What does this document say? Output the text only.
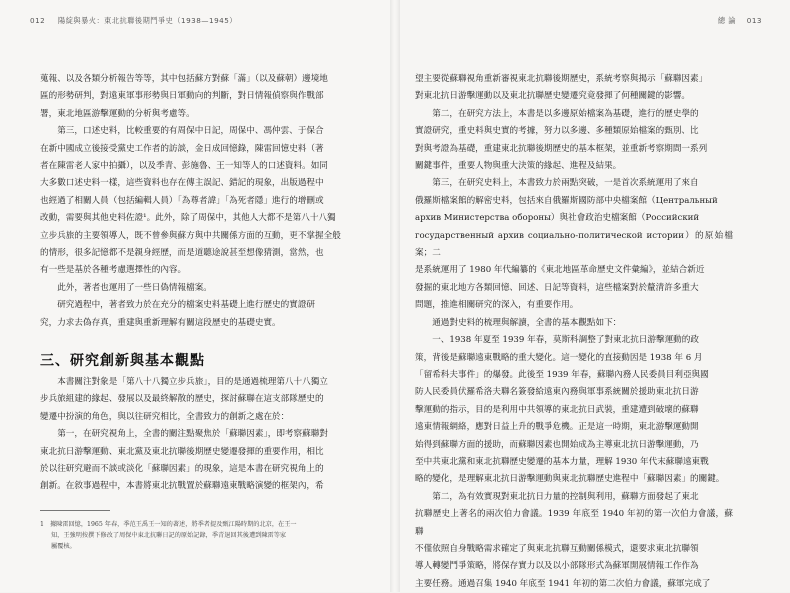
012 陽綻與暴火：東北抗聯後期鬥爭史（1938—1945）

蒐報、以及各類分析報告等等，其中包括蘇方對蘇「滿」（以及蘇朝）邊境地
區的形勢研判，對遠東軍事形勢與日軍動向的判斷，對日情報偵察與作戰部
署，東北地區游擊運動的分析與考慮等。

第三，口述史料，比較重要的有周保中日記，周保中、馮仲雲、于保合
在新中國成立後接受黨史工作者的訪談，金日成回憶錄，陳雷回憶史料（著
者在陳雷老人家中拍攝），以及季青、彭施魯、王一知等人的口述資料。如同
大多數口述史料一樣，這些資料也存在傳主誤記、錯記的現象，出版過程中
也經過了相關人員（包括編輯人員）「為尊者諱」「為死者隱」進行的增刪或
改動，需要與其他史料佐證¹。此外，除了周保中，其他人大都不是第八十八獨
立步兵旅的主要領導人，既不曾參與蘇方與中共關係方面的互動，更不掌握全般
的情形，很多記憶都不是親身經歷，而是道聽途說甚至想像猜測，當然，也
有一些是基於各種考慮選擇性的內容。

此外，著者也運用了一些日偽情報檔案。

研究過程中，著者致力於在充分的檔案史料基礎上進行歷史的實證研
究，力求去偽存真，重建與重新理解有關這段歷史的基礎史實。

三、研究創新與基本觀點

本書關注對象是「第八十八獨立步兵旅」，目的是通過梳理第八十八獨立
步兵旅組建的緣起、發展以及最終解散的歷史，探討蘇聯在這支部隊歷史的
變遷中扮演的角色，與以往研究相比，全書致力的創新之處在於：

第一，在研究視角上，全書的關注點聚焦於「蘇聯因素」，即考察蘇聯對
東北抗日游擊運動、東北黨及東北抗聯後期歷史變遷發揮的重要作用，相比
於以往研究避而不談或淡化「蘇聯因素」的現象，這是本書在研究視角上的
創新。在敘事過程中，本書將東北抗戰置於蘇聯遠東戰略演變的框架內，希

1 據陳雷回憶，1965 年春，季范王禹王一知的著述，將季者提及甄江陽時期的北京，在王一
知，王強明按撰下修改了周保中東北抗聯日記的原始記錄，季青退回其後遭到陳雷等家
屬覆核。
總 論 013

望主要從蘇聯視角重新審視東北抗聯後期歷史，系統考察與揭示「蘇聯因素」
對東北抗日游擊運動以及東北抗聯歷史變遷究竟發揮了何種關鍵的影響。

第二，在研究方法上，本書是以多邊原始檔案為基礎，進行的歷史學的
實證研究，重史料與史實的考據，努力以多邊、多種類原始檔案的甄別、比
對與考證為基礎，重建東北抗聯後期歷史的基本框架，並重新考察期間一系列
關鍵事件，重要人物與重大決策的緣起、進程及結果。

第三，在研究史料上，本書致力於兩點突破，一是首次系統運用了來自
俄羅斯檔案館的解密史料，包括來自俄羅斯國防部中央檔案館（Центральный
архив Министерства обороны）與社會政治史檔案館（Российский
государственный архив социально-политической истории）的原始檔案；二
是系統運用了 1980 年代編纂的《東北地區革命歷史文件彙編》，並結合新近
發掘的東北地方各類回憶、回述、日記等資料，這些檔案對於釐清許多重大
問題，推進相關研究的深入，有重要作用。

通過對史料的梳理與解讀，全書的基本觀點如下：

一、1938 年夏至 1939 年春，莫斯科調整了對東北抗日游擊運動的政
策，背後是蘇聯遠東戰略的重大變化。這一變化的直接動因是 1938 年 6 月
「留希科夫事件」的爆發。此後至 1939 年春，蘇聯內務人民委員目利亞與國
防人民委員伏羅希洛夫聯名簽發給遠東內務與軍事系統關於援助東北抗日游
擊運動的指示，目的是利用中共領導的東北抗日武裝，重建遭到破壞的蘇聯
遠東情報網絡，應對日益上升的戰爭危機。正是這一時期，東北游擊運動開
始得到蘇聯方面的援助，而蘇聯因素也開始成為主導東北抗日游擊運動，乃
至中共東北黨和東北抗聯歷史變遷的基本力量，理解 1930 年代末蘇聯遠東戰
略的變化，是理解東北抗日游擊運動與東北抗聯歷史進程中「蘇聯因素」的關鍵。

第二，為有效實現對東北抗日力量的控制與利用，蘇聯方面發起了東北
抗聯歷史上著名的兩次伯力會議。1939 年底至 1940 年初的第一次伯力會議，蘇聯
不僅依照自身戰略需求確定了與東北抗聯互動關係模式，還要求東北抗聯領
導人轉變鬥爭策略，將保存實力以及以小部隊形式為蘇軍開展情報工作作為
主要任務。通過召集 1940 年底至 1941 年初的第二次伯力會議，蘇軍完成了
